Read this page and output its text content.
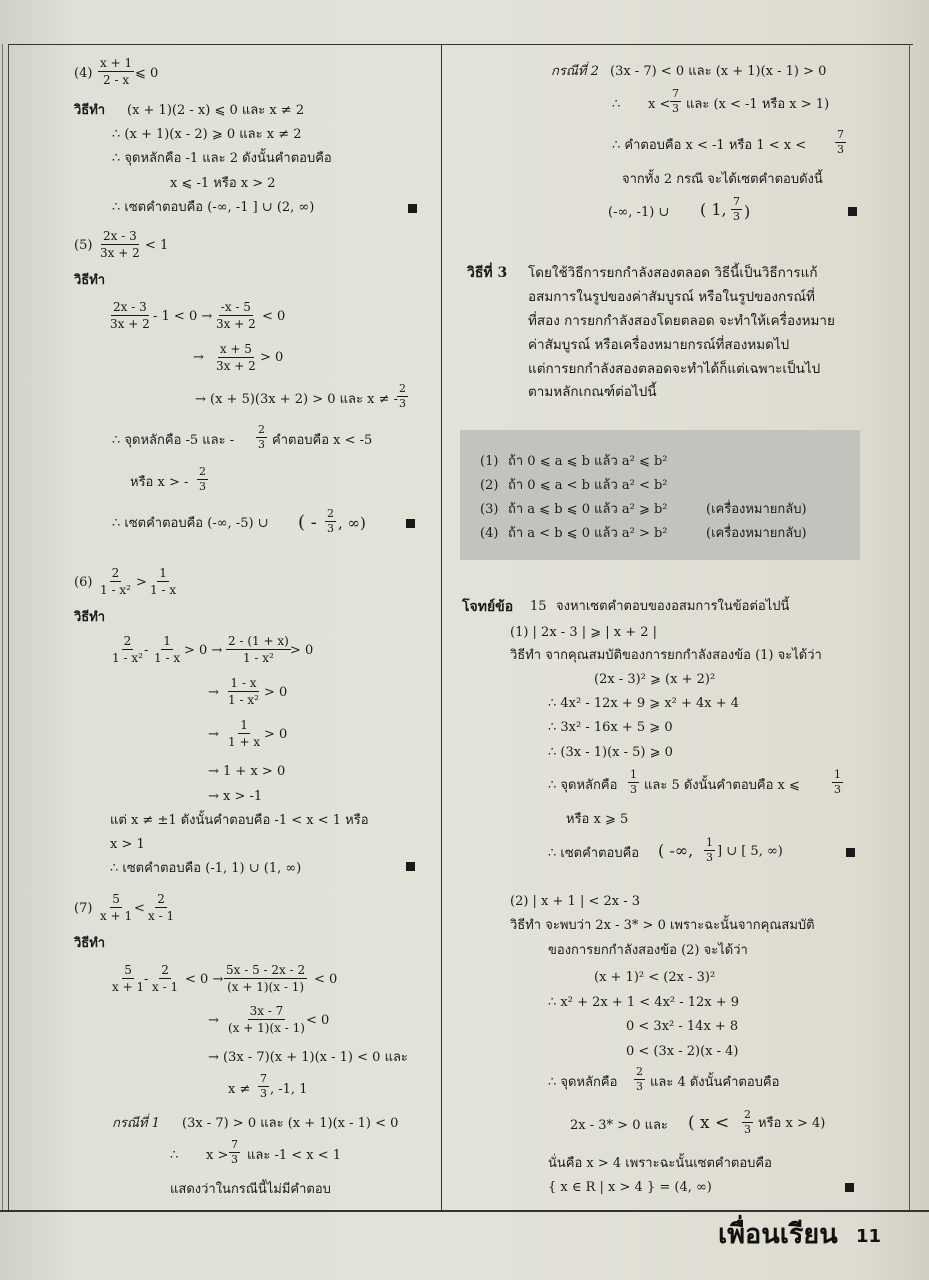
$(4) \frac{x + 1}{2 - x}$ ⩽ 0
วิธีทำ (x + 1)(2 - x) ⩽ 0 และ x ≠ 2
∴ (x + 1)(x - 2) ⩾ 0 และ x ≠ 2
∴ จุดหลักคือ -1 และ 2 ดังนั้นคำตอบคือ
x ⩽ -1 หรือ x > 2
∴ เซตคำตอบคือ (-∞, -1 ] ∪ (2, ∞)
$(5) \frac{2x - 3}{3x + 2} < 1$
วิธีทำ
$\frac{2x - 3}{3x + 2} - 1 < 0 \to \frac{-x - 5}{3x + 2} < 0$
→ $\frac{x + 5}{3x + 2} > 0$
→ (x + 5)(3x + 2) > 0 และ x ≠ -
$\frac{2}{3}$
∴ จุดหลักคือ -5 และ - $\frac{2}{3}$ คำตอบคือ x < -5
หรือ x > - $\frac{2}{3}$
∴ เซตคำตอบคือ (-∞, -5) ∪ ( - $\frac{2}{3}$ , ∞)
$(6) \frac{2}{\text{1 - x²}} > \frac{1}{1 - x}$
วิธีทำ
$\frac{2}{\text{1 - x²}} - \frac{1}{1 - x} > 0 \to \frac{2 - (1 + x)}{\text{1 - x²}} > 0$
→ $\frac{1 - x}{\text{1 - x²}} > 0$
→ $\frac{1}{1 + x} > 0$
→ 1 + x > 0
→ x > -1
แต่ x ≠ ±1 ดังนั้นคำตอบคือ -1 < x < 1 หรือ
x > 1
∴ เซตคำตอบคือ (-1, 1) ∪ (1, ∞)
$(7) \frac{5}{x + 1} < \frac{2}{x - 1}$
วิธีทำ
$\frac{5}{x + 1}$
- $\frac{2}{x - 1} < 0 \to \frac{5x - 5 - 2x - 2}{(x + 1)(x - 1)} < 0$
→ $\frac{3x - 7}{(x + 1)(x - 1)} < 0$
→ (3x - 7)(x + 1)(x - 1) < 0 และ
$x \ne \frac{7}{3}$ , -1, 1
กรณีที่ 1 (3x - 7) > 0 และ (x + 1)(x - 1) < 0
∴ $x > \frac{7}{3}$ และ -1 < x < 1
แสดงว่าในกรณีนี้ไม่มีคำตอบ
กรณีที่ 2 (3x - 7) < 0 และ (x + 1)(x - 1) > 0
∴ $x < \frac{7}{3}$ และ (x < -1 หรือ x > 1)
∴ คำตอบคือ x < -1 หรือ 1 < x <	$\frac{7}{3}$
จากทั้ง 2 กรณี จะได้เซตคำตอบดังนี้
(-∞, -1) ∪ ( 1, $\frac{7}{3}$ )
วิธีที่ 3 โดยใช้วิธีการยกกำลังสองตลอด วิธีนี้เป็นวิธีการแก้
อสมการในรูปของค่าสัมบูรณ์ หรือในรูปของกรณ์ที่
ที่สอง การยกกำลังสองโดยตลอด จะทำให้เครื่องหมาย
ค่าสัมบูรณ์ หรือเครื่องหมายกรณ์ที่สองหมดไป
แต่การยกกำลังสองตลอดจะทำได้ก็แต่เฉพาะเป็นไป
ตามหลักเกณฑ์ต่อไปนี้
(1) ถ้า 0 ⩽ a ⩽ b แล้ว a² ⩽ b²
(2) ถ้า 0 ⩽ a < b แล้ว a² < b²
(3) ถ้า a ⩽ b ⩽ 0 แล้ว a² ⩾ b²	(เครื่องหมายกลับ)
(4) ถ้า a < b ⩽ 0 แล้ว a² > b²	(เครื่องหมายกลับ)
โจทย์ข้อ 15 จงหาเซตคำตอบของอสมการในข้อต่อไปนี้
(1) | 2x - 3 | ⩾ | x + 2 |
วิธีทำ จากคุณสมบัติของการยกกำลังสองข้อ (1) จะได้ว่า
(2x - 3)² ⩾ (x + 2)²
∴ 4x² - 12x + 9 ⩾ x² + 4x + 4
∴ 3x² - 16x + 5 ⩾ 0
∴ (3x - 1)(x - 5) ⩾ 0
∴ จุดหลักคือ $\frac{1}{3}$ และ 5 ดังนั้นคำตอบคือ x ⩽	$\frac{1}{3}$
หรือ x ⩾ 5
∴ เซตคำตอบคือ ( -∞, $\frac{1}{3}$ ] ∪ [ 5, ∞)
(2) | x + 1 | < 2x - 3
วิธีทำ จะพบว่า 2x - 3* > 0 เพราะฉะนั้นจากคุณสมบัติ
ของการยกกำลังสองข้อ (2) จะได้ว่า
(x + 1)² < (2x - 3)²
∴ x² + 2x + 1 < 4x² - 12x + 9
0 < 3x² - 14x + 8
0 < (3x - 2)(x - 4)
∴ จุดหลักคือ $\frac{2}{3}$ และ 4 ดังนั้นคำตอบคือ
2x - 3* > 0 และ ( $x < \frac{2}{3}$ หรือ x > 4)
นั่นคือ x > 4 เพราะฉะนั้นเซตคำตอบคือ
{ x ∈ R | x > 4 } = (4, ∞)
เพื่อนเรียน 11
